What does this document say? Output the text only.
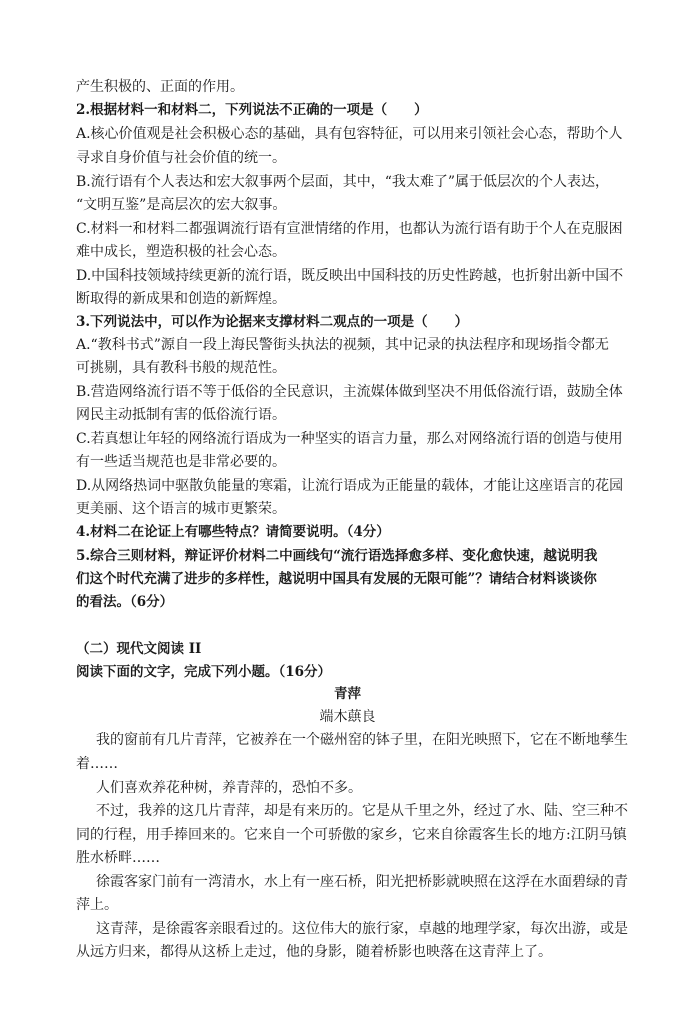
产生积极的、正面的作用。
2.根据材料一和材料二，下列说法不正确的一项是（　　）
A.核心价值观是社会积极心态的基础，具有包容特征，可以用来引领社会心态，帮助个人
寻求自身价值与社会价值的统一。
B.流行语有个人表达和宏大叙事两个层面，其中，“我太难了”属于低层次的个人表达，
“文明互鉴”是高层次的宏大叙事。
C.材料一和材料二都强调流行语有宣泄情绪的作用，也都认为流行语有助于个人在克服困
难中成长，塑造积极的社会心态。
D.中国科技领域持续更新的流行语，既反映出中国科技的历史性跨越，也折射出新中国不
断取得的新成果和创造的新辉煌。
3.下列说法中，可以作为论据来支撑材料二观点的一项是（　　）
A.“教科书式”源自一段上海民警街头执法的视频，其中记录的执法程序和现场指令都无
可挑剔，具有教科书般的规范性。
B.营造网络流行语不等于低俗的全民意识，主流媒体做到坚决不用低俗流行语，鼓励全体
网民主动抵制有害的低俗流行语。
C.若真想让年轻的网络流行语成为一种坚实的语言力量，那么对网络流行语的创造与使用
有一些适当规范也是非常必要的。
D.从网络热词中驱散负能量的寒霜，让流行语成为正能量的载体，才能让这座语言的花园
更美丽、这个语言的城市更繁荣。
4.材料二在论证上有哪些特点？请简要说明。（4分）
5.综合三则材料，辩证评价材料二中画线句“流行语选择愈多样、变化愈快速，越说明我
们这个时代充满了进步的多样性，越说明中国具有发展的无限可能”？请结合材料谈谈你
的看法。（6分）
（二）现代文阅读 II
阅读下面的文字，完成下列小题。（16分）
青萍
端木蕻良
我的窗前有几片青萍，它被养在一个磁州窑的钵子里，在阳光映照下，它在不断地孳生
着……
人们喜欢养花种树，养青萍的，恐怕不多。
不过，我养的这几片青萍，却是有来历的。它是从千里之外，经过了水、陆、空三种不
同的行程，用手捧回来的。它来自一个可骄傲的家乡，它来自徐霞客生长的地方:江阴马镇
胜水桥畔……
徐霞客家门前有一湾清水，水上有一座石桥，阳光把桥影就映照在这浮在水面碧绿的青
萍上。
这青萍，是徐霞客亲眼看过的。这位伟大的旅行家，卓越的地理学家，每次出游，或是
从远方归来，都得从这桥上走过，他的身影，随着桥影也映落在这青萍上了。
